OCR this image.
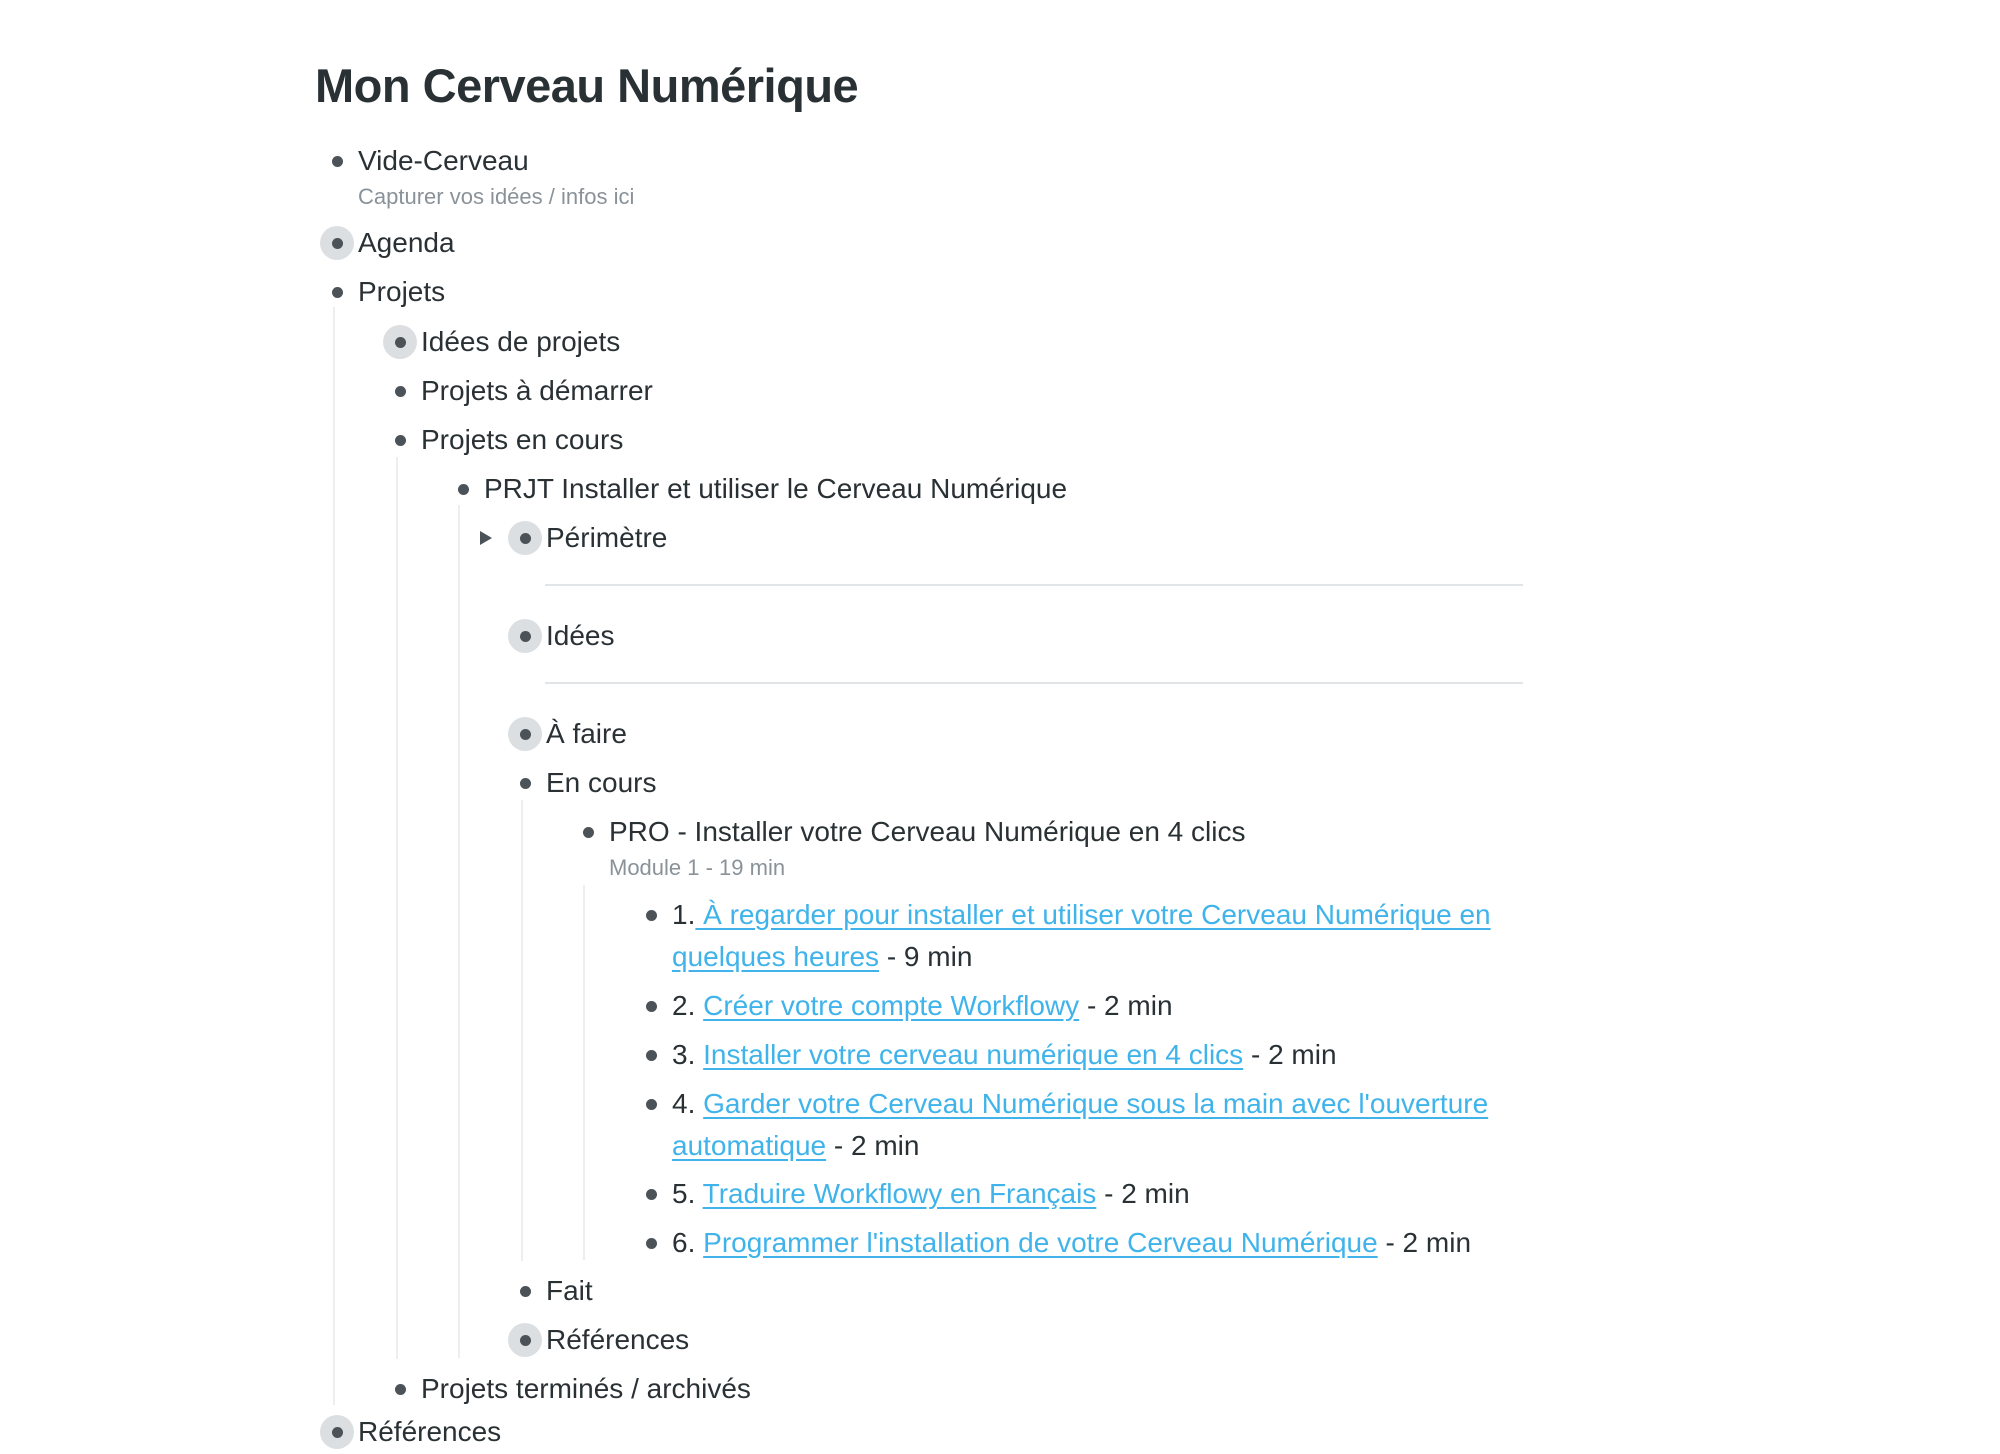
Mon Cerveau Numérique
Vide-Cerveau
Capturer vos idées / infos ici
Agenda
Projets
Idées de projets
Projets à démarrer
Projets en cours
PRJT Installer et utiliser le Cerveau Numérique
Périmètre
Idées
À faire
En cours
PRO - Installer votre Cerveau Numérique en 4 clics
Module 1 - 19 min
1. À regarder pour installer et utiliser votre Cerveau Numérique en
quelques heures - 9 min
2. Créer votre compte Workflowy - 2 min
3. Installer votre cerveau numérique en 4 clics - 2 min
4. Garder votre Cerveau Numérique sous la main avec l'ouverture
automatique - 2 min
5. Traduire Workflowy en Français - 2 min
6. Programmer l'installation de votre Cerveau Numérique - 2 min
Fait
Références
Projets terminés / archivés
Références
